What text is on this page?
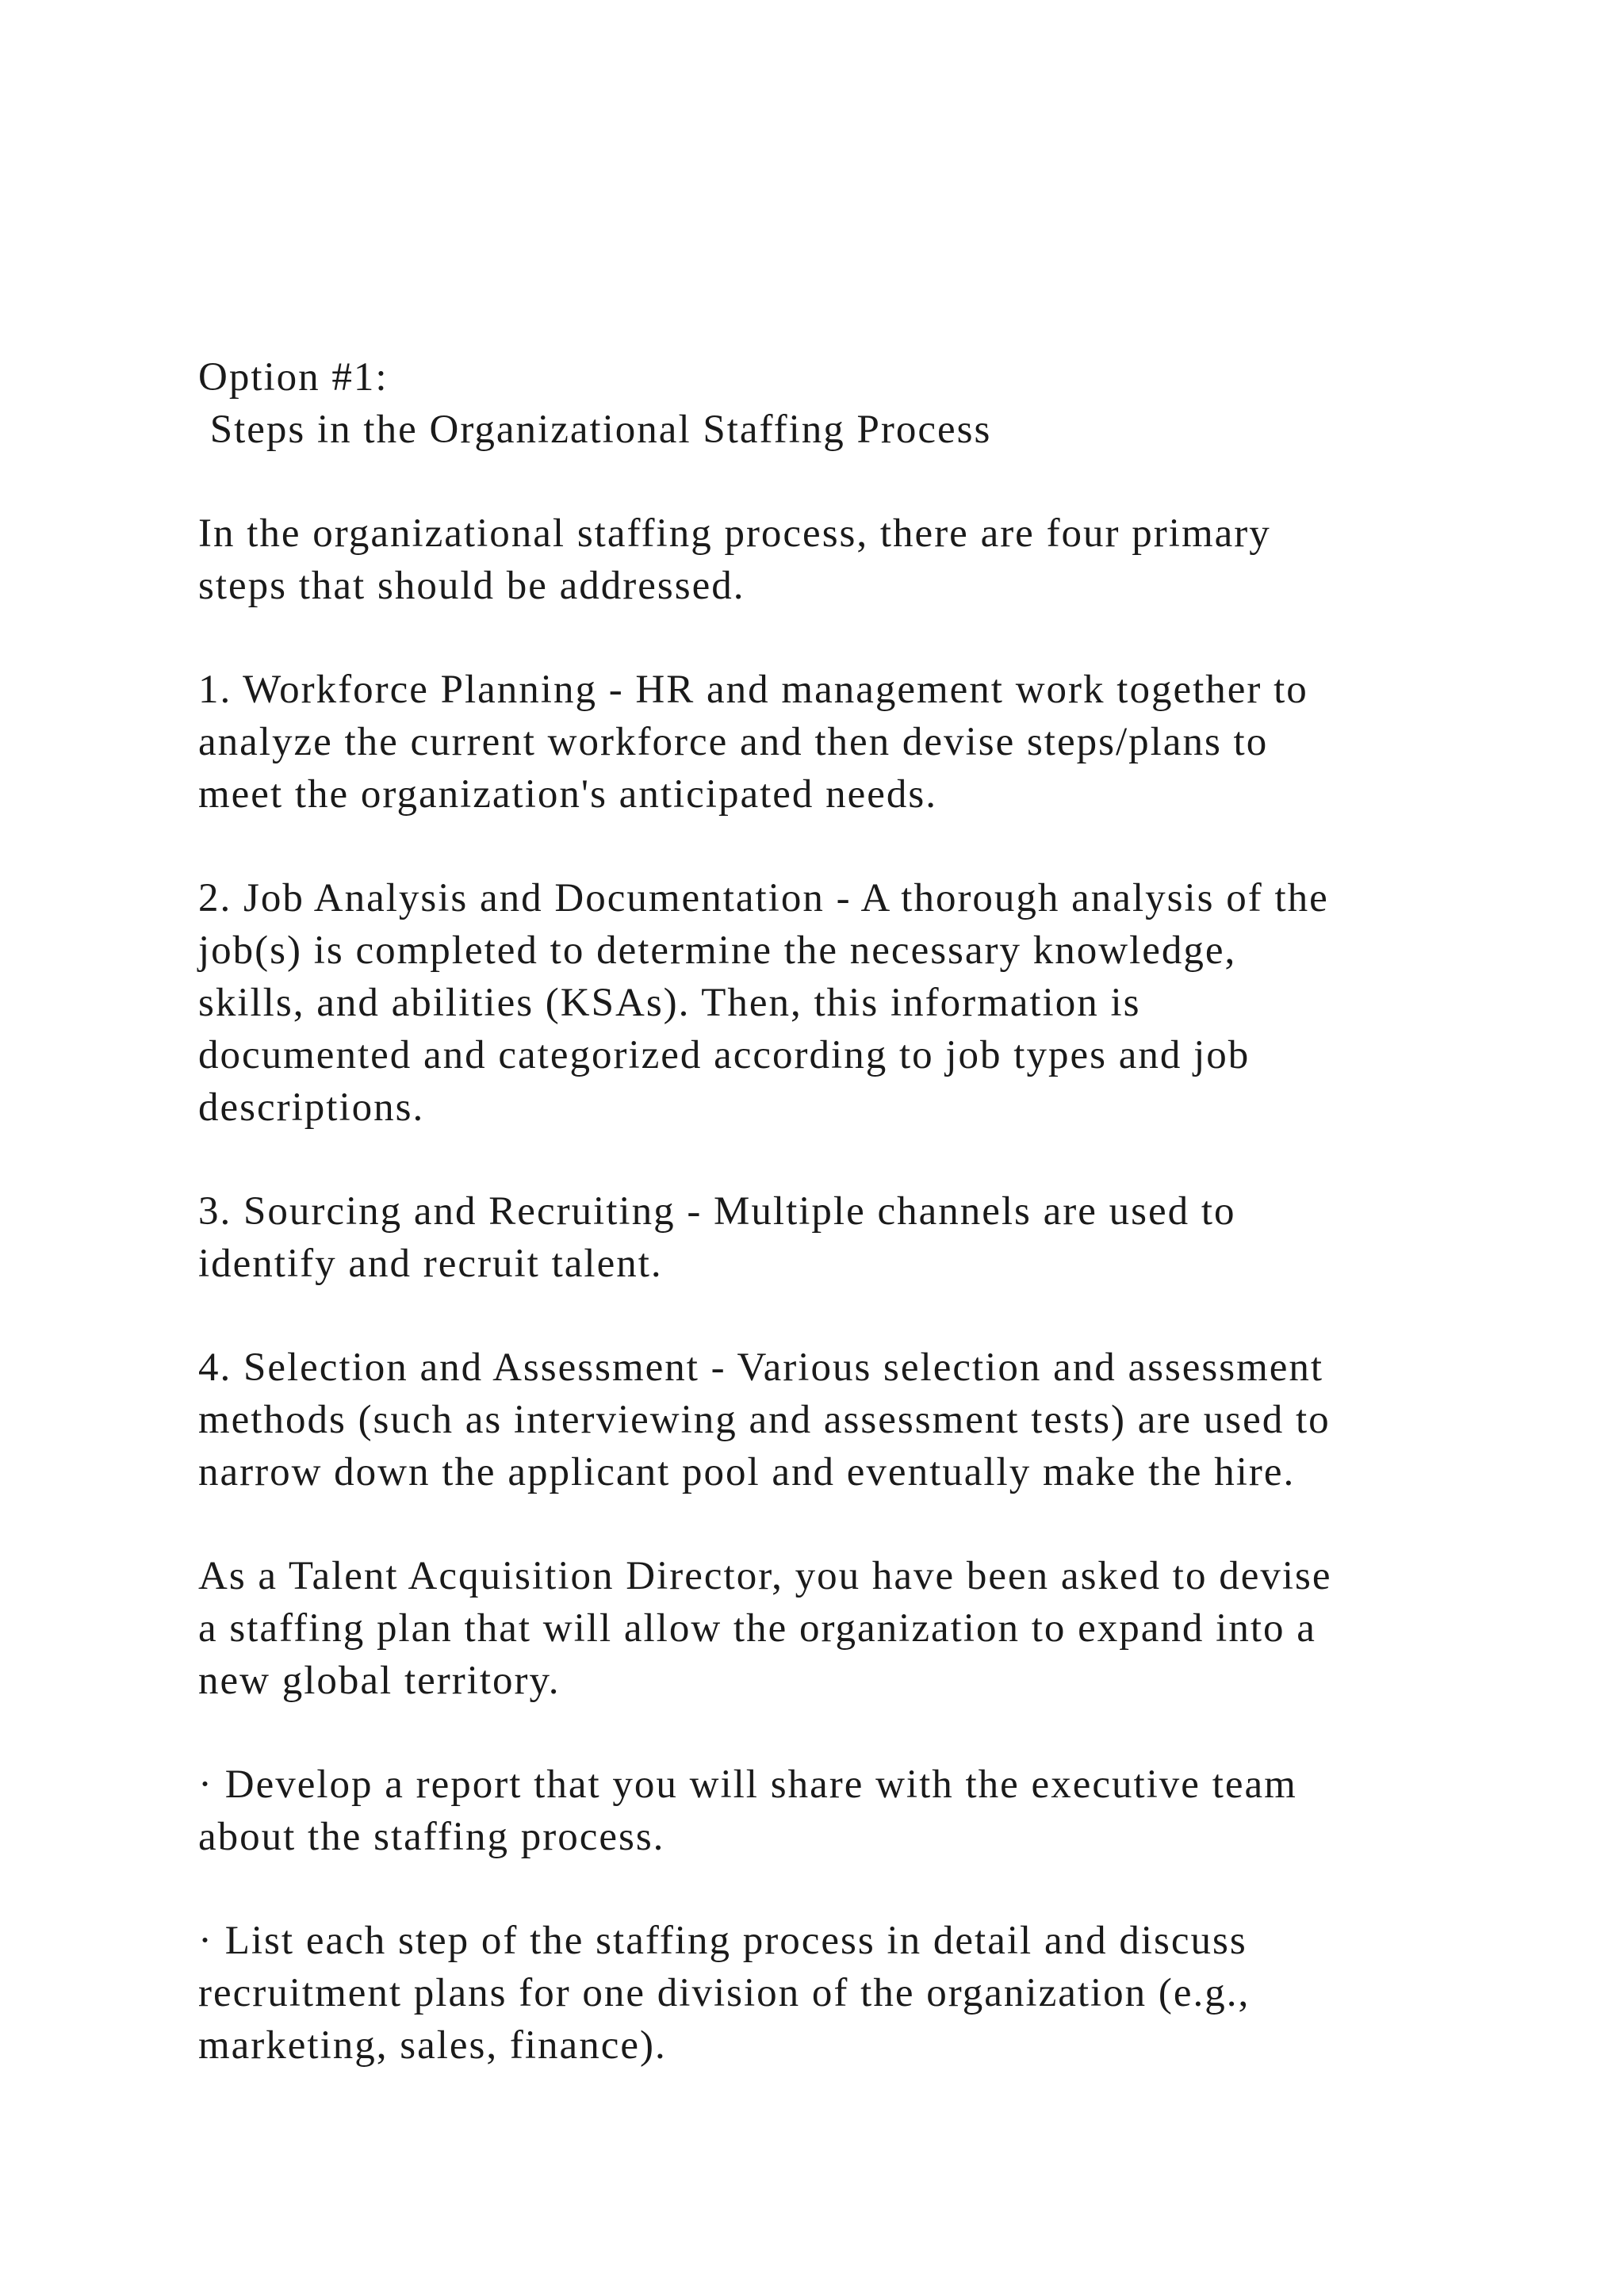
Option #1:
Steps in the Organizational Staffing Process
In the organizational staffing process, there are four primary
steps that should be addressed.
1. Workforce Planning - HR and management work together to
analyze the current workforce and then devise steps/plans to
meet the organization's anticipated needs.
2. Job Analysis and Documentation - A thorough analysis of the
job(s) is completed to determine the necessary knowledge,
skills, and abilities (KSAs). Then, this information is
documented and categorized according to job types and job
descriptions.
3. Sourcing and Recruiting - Multiple channels are used to
identify and recruit talent.
4. Selection and Assessment - Various selection and assessment
methods (such as interviewing and assessment tests) are used to
narrow down the applicant pool and eventually make the hire.
As a Talent Acquisition Director, you have been asked to devise
a staffing plan that will allow the organization to expand into a
new global territory.
· Develop a report that you will share with the executive team
about the staffing process.
· List each step of the staffing process in detail and discuss
recruitment plans for one division of the organization (e.g.,
marketing, sales, finance).
